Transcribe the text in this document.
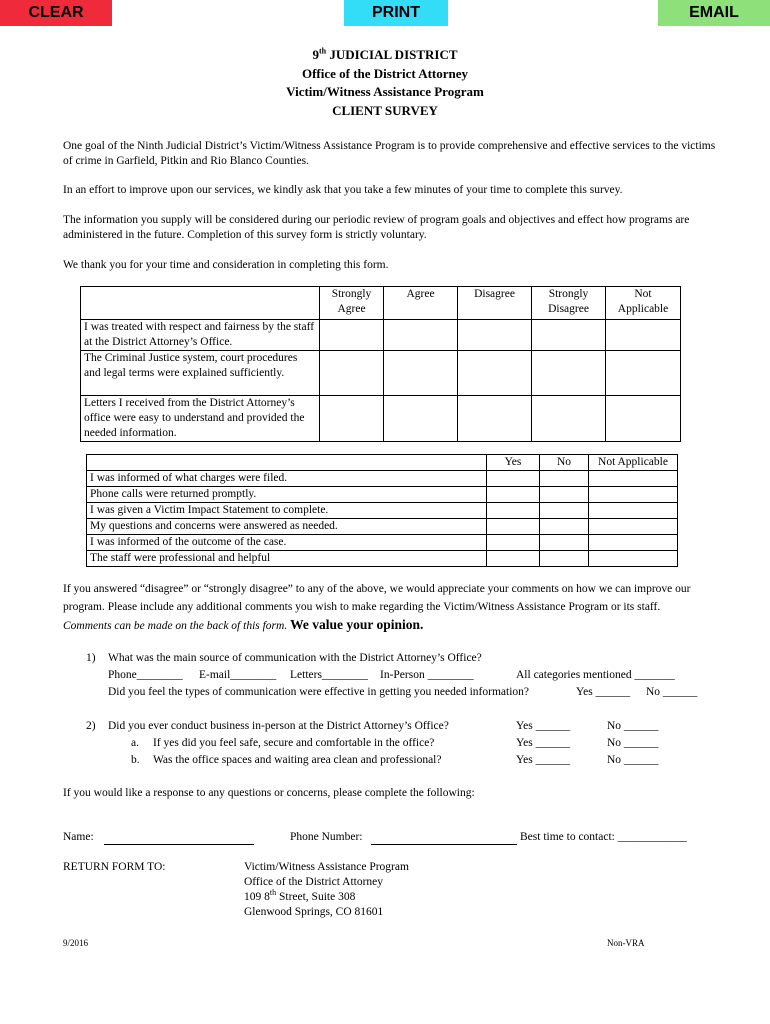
CLEAR	PRINT	EMAIL
9th JUDICIAL DISTRICT
Office of the District Attorney
Victim/Witness Assistance Program
CLIENT SURVEY
One goal of the Ninth Judicial District’s Victim/Witness Assistance Program is to provide comprehensive and effective services to the victims of crime in Garfield, Pitkin and Rio Blanco Counties.
In an effort to improve upon our services, we kindly ask that you take a few minutes of your time to complete this survey.
The information you supply will be considered during our periodic review of program goals and objectives and effect how programs are administered in the future. Completion of this survey form is strictly voluntary.
We thank you for your time and consideration in completing this form.
	Strongly Agree	Agree	Disagree	Strongly Disagree	Not Applicable
I was treated with respect and fairness by the staff at the District Attorney’s Office.					
The Criminal Justice system, court procedures and legal terms were explained sufficiently.					
Letters I received from the District Attorney’s office were easy to understand and provided the needed information.					
	Yes	No	Not Applicable
I was informed of what charges were filed.			
Phone calls were returned promptly.			
I was given a Victim Impact Statement to complete.			
My questions and concerns were answered as needed.			
I was informed of the outcome of the case.			
The staff were professional and helpful			
If you answered “disagree” or “strongly disagree” to any of the above, we would appreciate your comments on how we can improve our program. Please include any additional comments you wish to make regarding the Victim/Witness Assistance Program or its staff. Comments can be made on the back of this form. We value your opinion.
1) What was the main source of communication with the District Attorney’s Office?
Phone________ E-mail________ Letters________ In-Person ________	All categories mentioned _______
Did you feel the types of communication were effective in getting you needed information?	Yes ______ No ______
2) Did you ever conduct business in-person at the District Attorney’s Office?	Yes ______	No ______
a. If yes did you feel safe, secure and comfortable in the office?	Yes ______	No ______
b. Was the office spaces and waiting area clean and professional?	Yes ______	No ______
If you would like a response to any questions or concerns, please complete the following:
Name:	Phone Number:	Best time to contact: ____________
RETURN FORM TO:	Victim/Witness Assistance Program
Office of the District Attorney
109 8th Street, Suite 308
Glenwood Springs, CO 81601
9/2016	Non-VRA
